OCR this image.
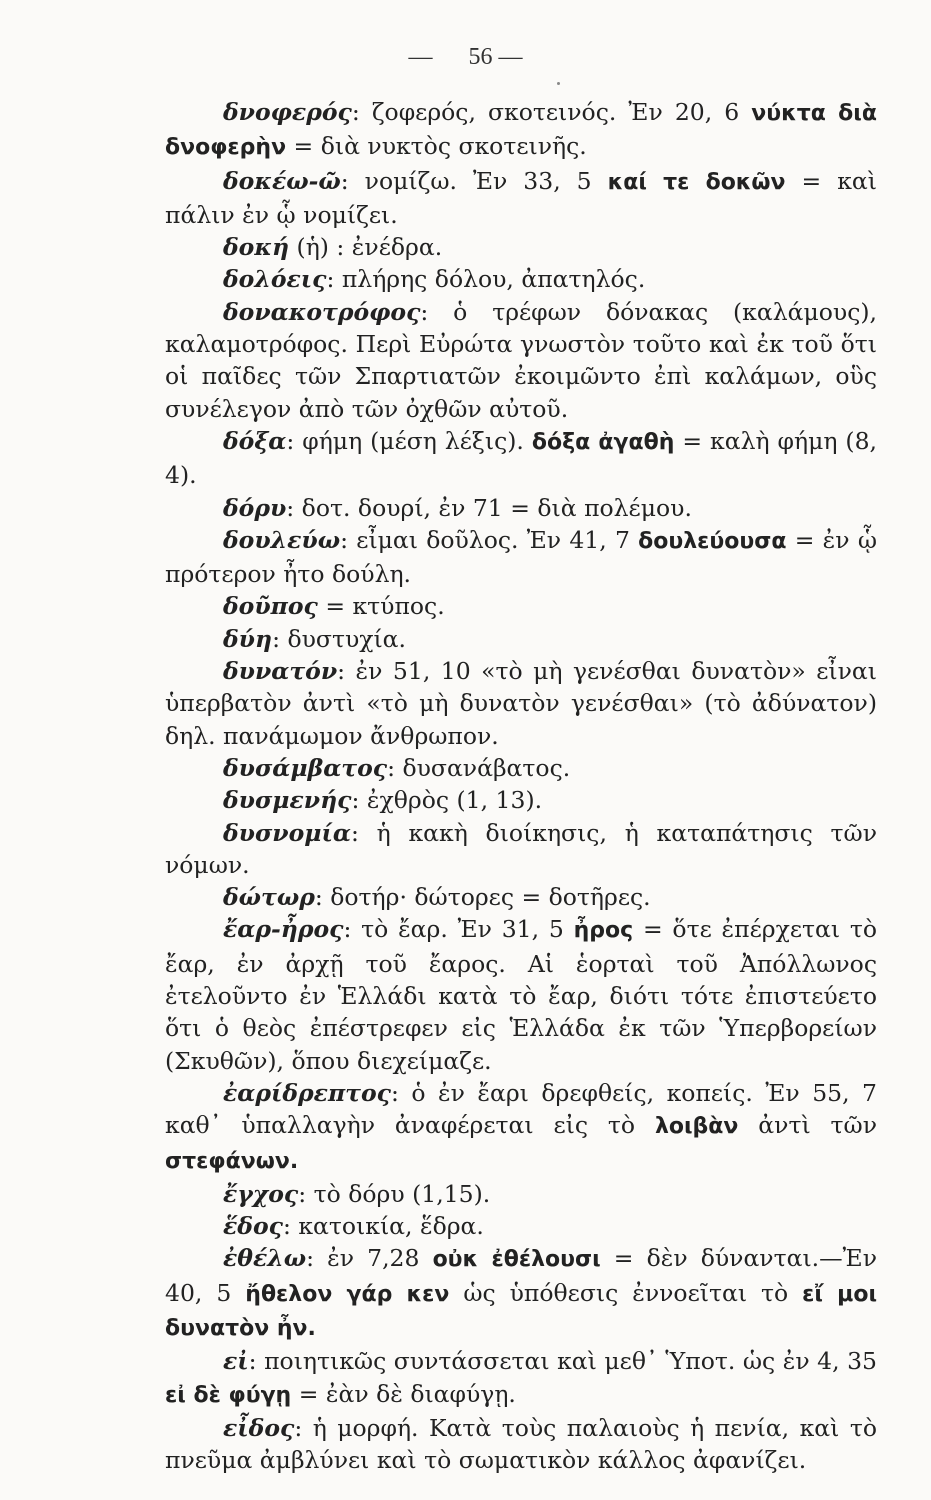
— 56 —

δνοφερός: ζοφερός, σκοτεινός. Ἐν 20, 6 νύκτα διὰ δνοφερὴν = διὰ νυκτὸς σκοτεινῆς.

δοκέω-ῶ: νομίζω. Ἐν 33, 5 καί τε δοκῶν = καὶ πάλιν ἐν ᾧ νομίζει.

δοκή (ἡ) : ἐνέδρα.

δολόεις: πλήρης δόλου, ἀπατηλός.

δονακοτρόφος: ὁ τρέφων δόνακας (καλάμους), καλαμοτρόφος. Περὶ Εὐρώτα γνωστὸν τοῦτο καὶ ἐκ τοῦ ὅτι οἱ παῖδες τῶν Σπαρτιατῶν ἐκοιμῶντο ἐπὶ καλάμων, οὓς συνέλεγον ἀπὸ τῶν ὀχθῶν αὐτοῦ.

δόξα: φήμη (μέση λέξις). δόξα ἀγαθὴ = καλὴ φήμη (8, 4).

δόρυ: δοτ. δουρί, ἐν 71 = διὰ πολέμου.

δουλεύω: εἶμαι δοῦλος. Ἐν 41, 7 δουλεύουσα = ἐν ᾧ πρότερον ἦτο δούλη.

δοῦπος = κτύπος.

δύη: δυστυχία.

δυνατόν: ἐν 51, 10 «τὸ μὴ γενέσθαι δυνατὸν» εἶναι ὑπερβατὸν ἀντὶ «τὸ μὴ δυνατὸν γενέσθαι» (τὸ ἀδύνατον) δηλ. πανάμωμον ἄνθρωπον.

δυσάμβατος: δυσανάβατος.

δυσμενής: ἐχθρὸς (1, 13).

δυσνομία: ἡ κακὴ διοίκησις, ἡ καταπάτησις τῶν νόμων.

δώτωρ: δοτήρ· δώτορες = δοτῆρες.

ἔαρ-ἦρος: τὸ ἔαρ. Ἐν 31, 5 ἦρος = ὅτε ἐπέρχεται τὸ ἔαρ, ἐν ἀρχῇ τοῦ ἔαρος. Αἱ ἑορταὶ τοῦ Ἀπόλλωνος ἐτελοῦντο ἐν Ἑλλάδι κατὰ τὸ ἔαρ, διότι τότε ἐπιστεύετο ὅτι ὁ θεὸς ἐπέστρεφεν εἰς Ἑλλάδα ἐκ τῶν Ὑπερβορείων (Σκυθῶν), ὅπου διεχείμαζε.

ἐαρίδρεπτος: ὁ ἐν ἔαρι δρεφθείς, κοπείς. Ἐν 55, 7 καθ᾽ ὑπαλλαγὴν ἀναφέρεται εἰς τὸ λοιβὰν ἀντὶ τῶν στεφάνων.

ἔγχος: τὸ δόρυ (1,15).

ἕδος: κατοικία, ἕδρα.

ἐθέλω: ἐν 7,28 οὐκ ἐθέλουσι = δὲν δύνανται.—Ἐν 40, 5 ἤθελον γάρ κεν ὡς ὑπόθεσις ἐννοεῖται τὸ εἴ μοι δυνατὸν ἦν.

εἰ: ποιητικῶς συντάσσεται καὶ μεθ᾽ Ὑποτ. ὡς ἐν 4, 35 εἰ δὲ φύγῃ = ἐὰν δὲ διαφύγῃ.

εἶδος: ἡ μορφή. Κατὰ τοὺς παλαιοὺς ἡ πενία, καὶ τὸ πνεῦμα ἀμβλύνει καὶ τὸ σωματικὸν κάλλος ἀφανίζει.
